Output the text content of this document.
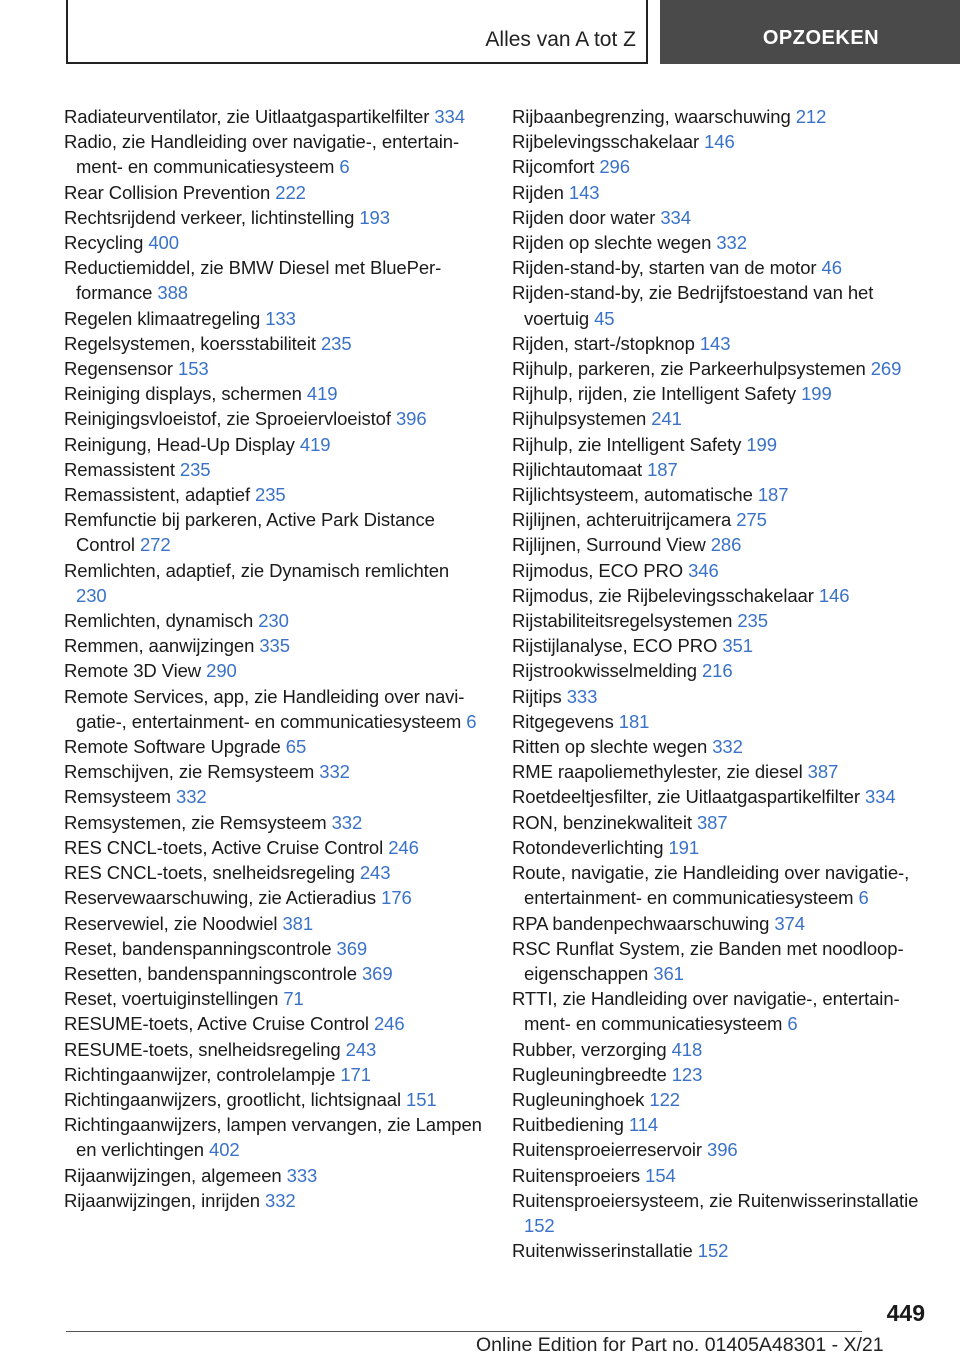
Alles van A tot Z	OPZOEKEN

Radiateurventilator, zie Uitlaatgaspartikelfilter 334

Radio, zie Handleiding over navigatie-, entertainment- en communicatiesysteem 6

Rear Collision Prevention 222

Rechtsrijdend verkeer, lichtinstelling 193

Recycling 400

Reductiemiddel, zie BMW Diesel met BluePerformance 388

Regelen klimaatregeling 133

Regelsystemen, koersstabiliteit 235

Regensensor 153

Reiniging displays, schermen 419

Reinigingsvloeistof, zie Sproeiervloeistof 396

Reinigung, Head-Up Display 419

Remassistent 235

Remassistent, adaptief 235

Remfunctie bij parkeren, Active Park Distance Control 272

Remlichten, adaptief, zie Dynamisch remlichten 230

Remlichten, dynamisch 230

Remmen, aanwijzingen 335

Remote 3D View 290

Remote Services, app, zie Handleiding over navigatie-, entertainment- en communicatiesysteem 6

Remote Software Upgrade 65

Remschijven, zie Remsysteem 332

Remsysteem 332

Remsystemen, zie Remsysteem 332

RES CNCL-toets, Active Cruise Control 246

RES CNCL-toets, snelheidsregeling 243

Reservewaarschuwing, zie Actieradius 176

Reservewiel, zie Noodwiel 381

Reset, bandenspanningscontrole 369

Resetten, bandenspanningscontrole 369

Reset, voertuiginstellingen 71

RESUME-toets, Active Cruise Control 246

RESUME-toets, snelheidsregeling 243

Richtingaanwijzer, controlelampje 171

Richtingaanwijzers, grootlicht, lichtsignaal 151

Richtingaanwijzers, lampen vervangen, zie Lampen en verlichtingen 402

Rijaanwijzingen, algemeen 333

Rijaanwijzingen, inrijden 332

Rijbaanbegrenzing, waarschuwing 212

Rijbelevingsschakelaar 146

Rijcomfort 296

Rijden 143

Rijden door water 334

Rijden op slechte wegen 332

Rijden-stand-by, starten van de motor 46

Rijden-stand-by, zie Bedrijfstoestand van het voertuig 45

Rijden, start-/stopknop 143

Rijhulp, parkeren, zie Parkeerhulpsystemen 269

Rijhulp, rijden, zie Intelligent Safety 199

Rijhulpsystemen 241

Rijhulp, zie Intelligent Safety 199

Rijlichtautomaat 187

Rijlichtsysteem, automatische 187

Rijlijnen, achteruitrijcamera 275

Rijlijnen, Surround View 286

Rijmodus, ECO PRO 346

Rijmodus, zie Rijbelevingsschakelaar 146

Rijstabiliteitsregelsystemen 235

Rijstijlanalyse, ECO PRO 351

Rijstrookwisselmelding 216

Rijtips 333

Ritgegevens 181

Ritten op slechte wegen 332

RME raapoliemethylester, zie diesel 387

Roetdeeltjesfilter, zie Uitlaatgaspartikelfilter 334

RON, benzinekwaliteit 387

Rotondeverlichting 191

Route, navigatie, zie Handleiding over navigatie-, entertainment- en communicatiesysteem 6

RPA bandenpechwaarschuwing 374

RSC Runflat System, zie Banden met noodloopeigenschappen 361

RTTI, zie Handleiding over navigatie-, entertainment- en communicatiesysteem 6

Rubber, verzorging 418

Rugleuningbreedte 123

Rugleuninghoek 122

Ruitbediening 114

Ruitensproeierreservoir 396

Ruitensproeiers 154

Ruitensproeiersysteem, zie Ruitenwisserinstallatie 152

Ruitenwisserinstallatie 152

449
Online Edition for Part no. 01405A48301 - X/21
